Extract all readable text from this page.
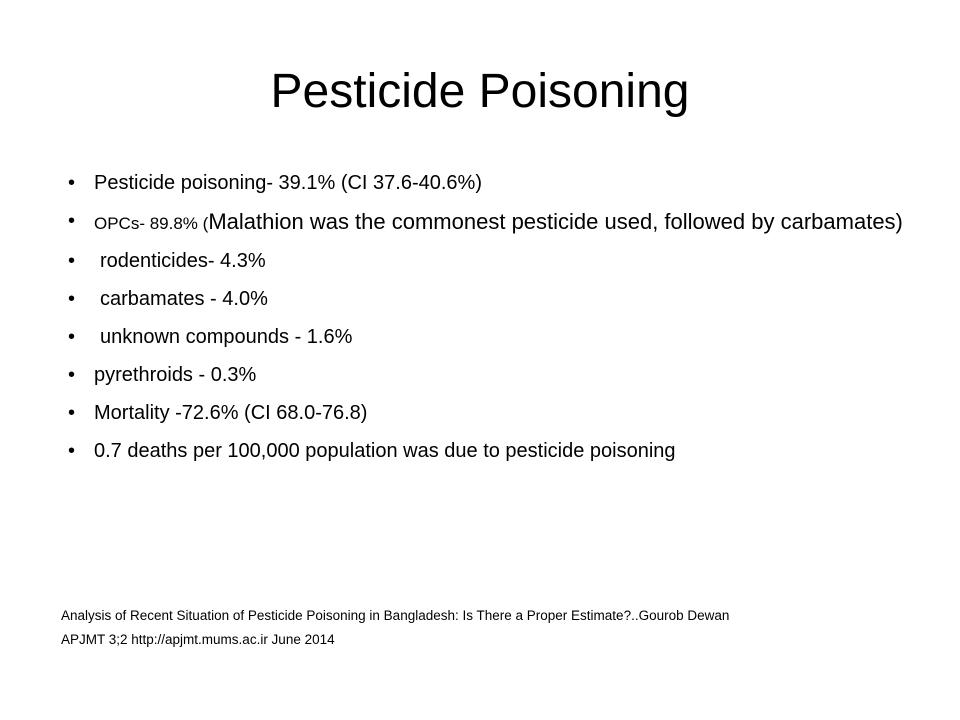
Pesticide Poisoning
• Pesticide poisoning- 39.1% (CI 37.6-40.6%)
• OPCs- 89.8% (Malathion was the commonest pesticide used, followed by carbamates)
• rodenticides- 4.3%
• carbamates - 4.0%
• unknown compounds - 1.6%
• pyrethroids - 0.3%
• Mortality -72.6% (CI 68.0-76.8)
• 0.7 deaths per 100,000 population was due to pesticide poisoning
Analysis of Recent Situation of Pesticide Poisoning in Bangladesh: Is There a Proper Estimate?..Gourob Dewan
APJMT 3;2 http://apjmt.mums.ac.ir June 2014
